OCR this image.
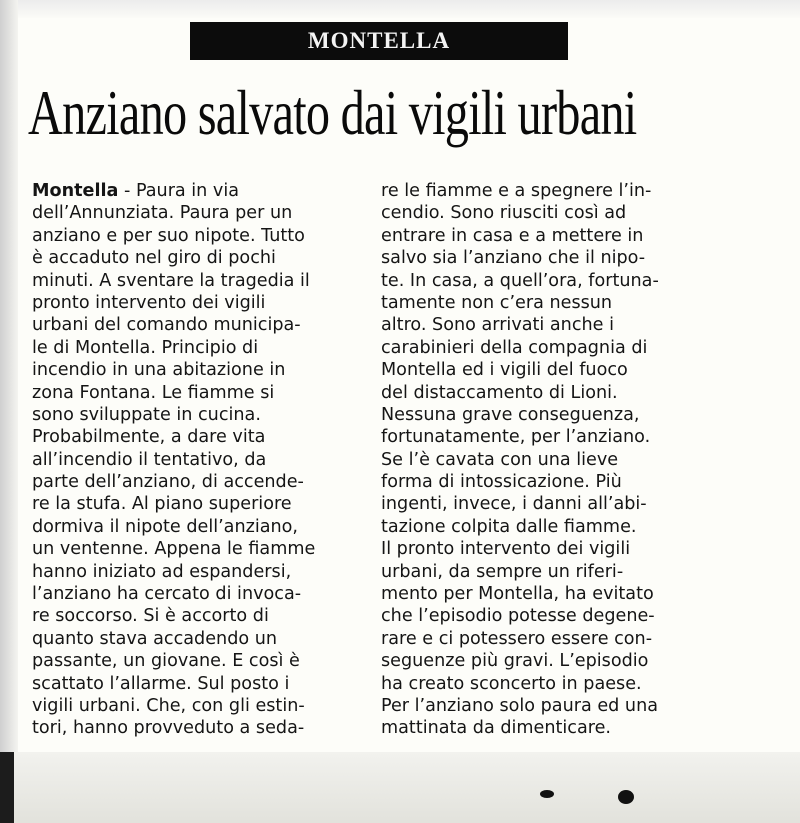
MONTELLA
Anziano salvato dai vigili urbani
Montella - Paura in via
dell’Annunziata. Paura per un
anziano e per suo nipote. Tutto
è accaduto nel giro di pochi
minuti. A sventare la tragedia il
pronto intervento dei vigili
urbani del comando municipa-
le di Montella. Principio di
incendio in una abitazione in
zona Fontana. Le fiamme si
sono sviluppate in cucina.
Probabilmente, a dare vita
all’incendio il tentativo, da
parte dell’anziano, di accende-
re la stufa. Al piano superiore
dormiva il nipote dell’anziano,
un ventenne. Appena le fiamme
hanno iniziato ad espandersi,
l’anziano ha cercato di invoca-
re soccorso. Si è accorto di
quanto stava accadendo un
passante, un giovane. E così è
scattato l’allarme. Sul posto i
vigili urbani. Che, con gli estin-
tori, hanno provveduto a seda-
re le fiamme e a spegnere l’in-
cendio. Sono riusciti così ad
entrare in casa e a mettere in
salvo sia l’anziano che il nipo-
te. In casa, a quell’ora, fortuna-
tamente non c’era nessun
altro. Sono arrivati anche i
carabinieri della compagnia di
Montella ed i vigili del fuoco
del distaccamento di Lioni.
Nessuna grave conseguenza,
fortunatamente, per l’anziano.
Se l’è cavata con una lieve
forma di intossicazione. Più
ingenti, invece, i danni all’abi-
tazione colpita dalle fiamme.
Il pronto intervento dei vigili
urbani, da sempre un riferi-
mento per Montella, ha evitato
che l’episodio potesse degene-
rare e ci potessero essere con-
seguenze più gravi. L’episodio
ha creato sconcerto in paese.
Per l’anziano solo paura ed una
mattinata da dimenticare.
